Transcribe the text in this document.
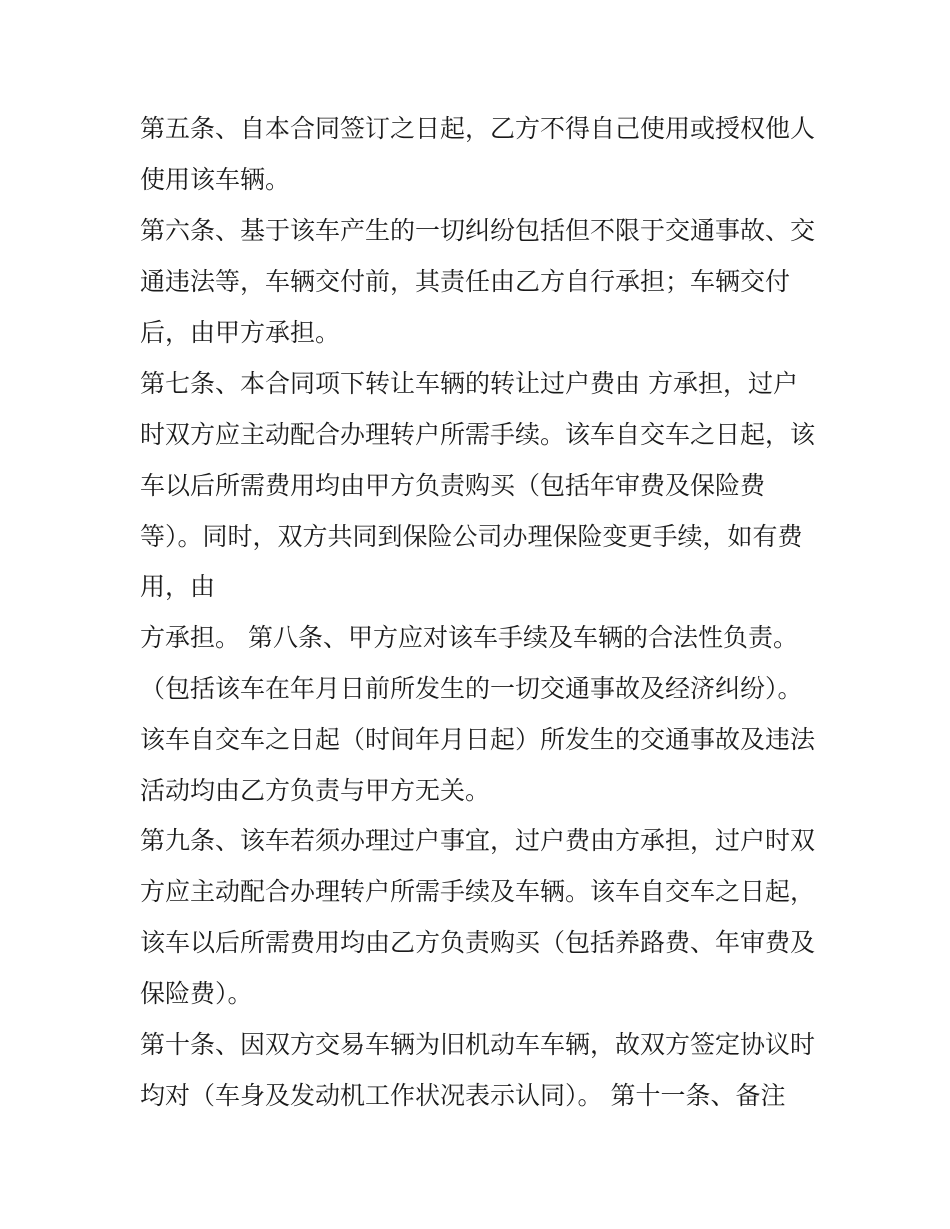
第五条、自本合同签订之日起，乙方不得自己使用或授权他人

使用该车辆。

第六条、基于该车产生的一切纠纷包括但不限于交通事故、交

通违法等，车辆交付前，其责任由乙方自行承担；车辆交付

后，由甲方承担。

第七条、本合同项下转让车辆的转让过户费由 方承担，过户

时双方应主动配合办理转户所需手续。该车自交车之日起，该

车以后所需费用均由甲方负责购买（包括年审费及保险费

等）。同时，双方共同到保险公司办理保险变更手续，如有费

用，由

方承担。 第八条、甲方应对该车手续及车辆的合法性负责。

（包括该车在年月日前所发生的一切交通事故及经济纠纷）。

该车自交车之日起（时间年月日起）所发生的交通事故及违法

活动均由乙方负责与甲方无关。

第九条、该车若须办理过户事宜，过户费由方承担，过户时双

方应主动配合办理转户所需手续及车辆。该车自交车之日起，

该车以后所需费用均由乙方负责购买（包括养路费、年审费及

保险费）。

第十条、因双方交易车辆为旧机动车车辆，故双方签定协议时

均对（车身及发动机工作状况表示认同）。 第十一条、备注
